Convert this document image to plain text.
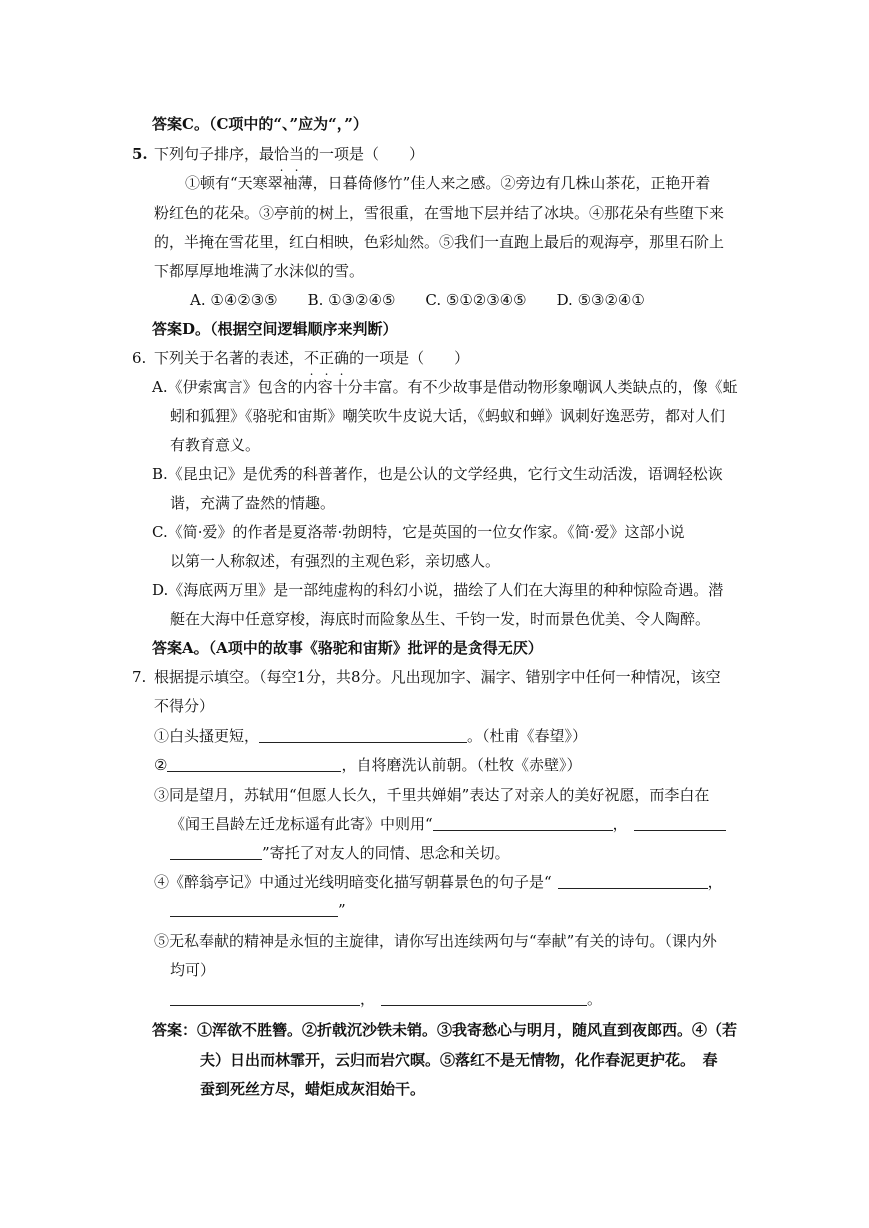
答案C。（C项中的“、”应为“，”）
5. 下列句子排序，最恰当的一项是（　　）
①顿有“天寒翠袖薄，日暮倚修竹”佳人来之感。②旁边有几株山茶花，正艳开着
粉红色的花朵。③亭前的树上，雪很重，在雪地下层并结了冰块。④那花朵有些堕下来
的，半掩在雪花里，红白相映，色彩灿然。⑤我们一直跑上最后的观海亭，那里石阶上
下都厚厚地堆满了水沫似的雪。
A. ①④②③⑤　　B. ①③②④⑤　　C. ⑤①②③④⑤　　D. ⑤③②④①
答案D。（根据空间逻辑顺序来判断）
6. 下列关于名著的表述，不正确的一项是（　　）
A.《伊索寓言》包含的内容十分丰富。有不少故事是借动物形象嘲讽人类缺点的，像《蚯
蚓和狐狸》《骆驼和宙斯》嘲笑吹牛皮说大话，《蚂蚁和蝉》讽刺好逸恶劳，都对人们
有教育意义。
B.《昆虫记》是优秀的科普著作，也是公认的文学经典，它行文生动活泼，语调轻松诙
谐，充满了盎然的情趣。
C.《简·爱》的作者是夏洛蒂·勃朗特，它是英国的一位女作家。《简·爱》这部小说
以第一人称叙述，有强烈的主观色彩，亲切感人。
D.《海底两万里》是一部纯虚构的科幻小说，描绘了人们在大海里的种种惊险奇遇。潜
艇在大海中任意穿梭，海底时而险象丛生、千钧一发，时而景色优美、令人陶醉。
答案A。（A项中的故事《骆驼和宙斯》批评的是贪得无厌）
7. 根据提示填空。（每空1分，共8分。凡出现加字、漏字、错别字中任何一种情况，该空
不得分）
①白头搔更短，	。（杜甫《春望》）
②	，自将磨洗认前朝。（杜牧《赤壁》）
③同是望月，苏轼用“但愿人长久，千里共婵娟”表达了对亲人的美好祝愿，而李白在
《闻王昌龄左迁龙标遥有此寄》中则用“	，
”寄托了对友人的同情、思念和关切。
④《醉翁亭记》中通过光线明暗变化描写朝暮景色的句子是“	，
”
⑤无私奉献的精神是永恒的主旋律，请你写出连续两句与“奉献”有关的诗句。（课内外
均可）
，	。
答案：①浑欲不胜簪。②折戟沉沙铁未销。③我寄愁心与明月，随风直到夜郎西。④（若
夫）日出而林霏开，云归而岩穴暝。⑤落红不是无情物，化作春泥更护花。　春
蚕到死丝方尽，蜡炬成灰泪始干。
